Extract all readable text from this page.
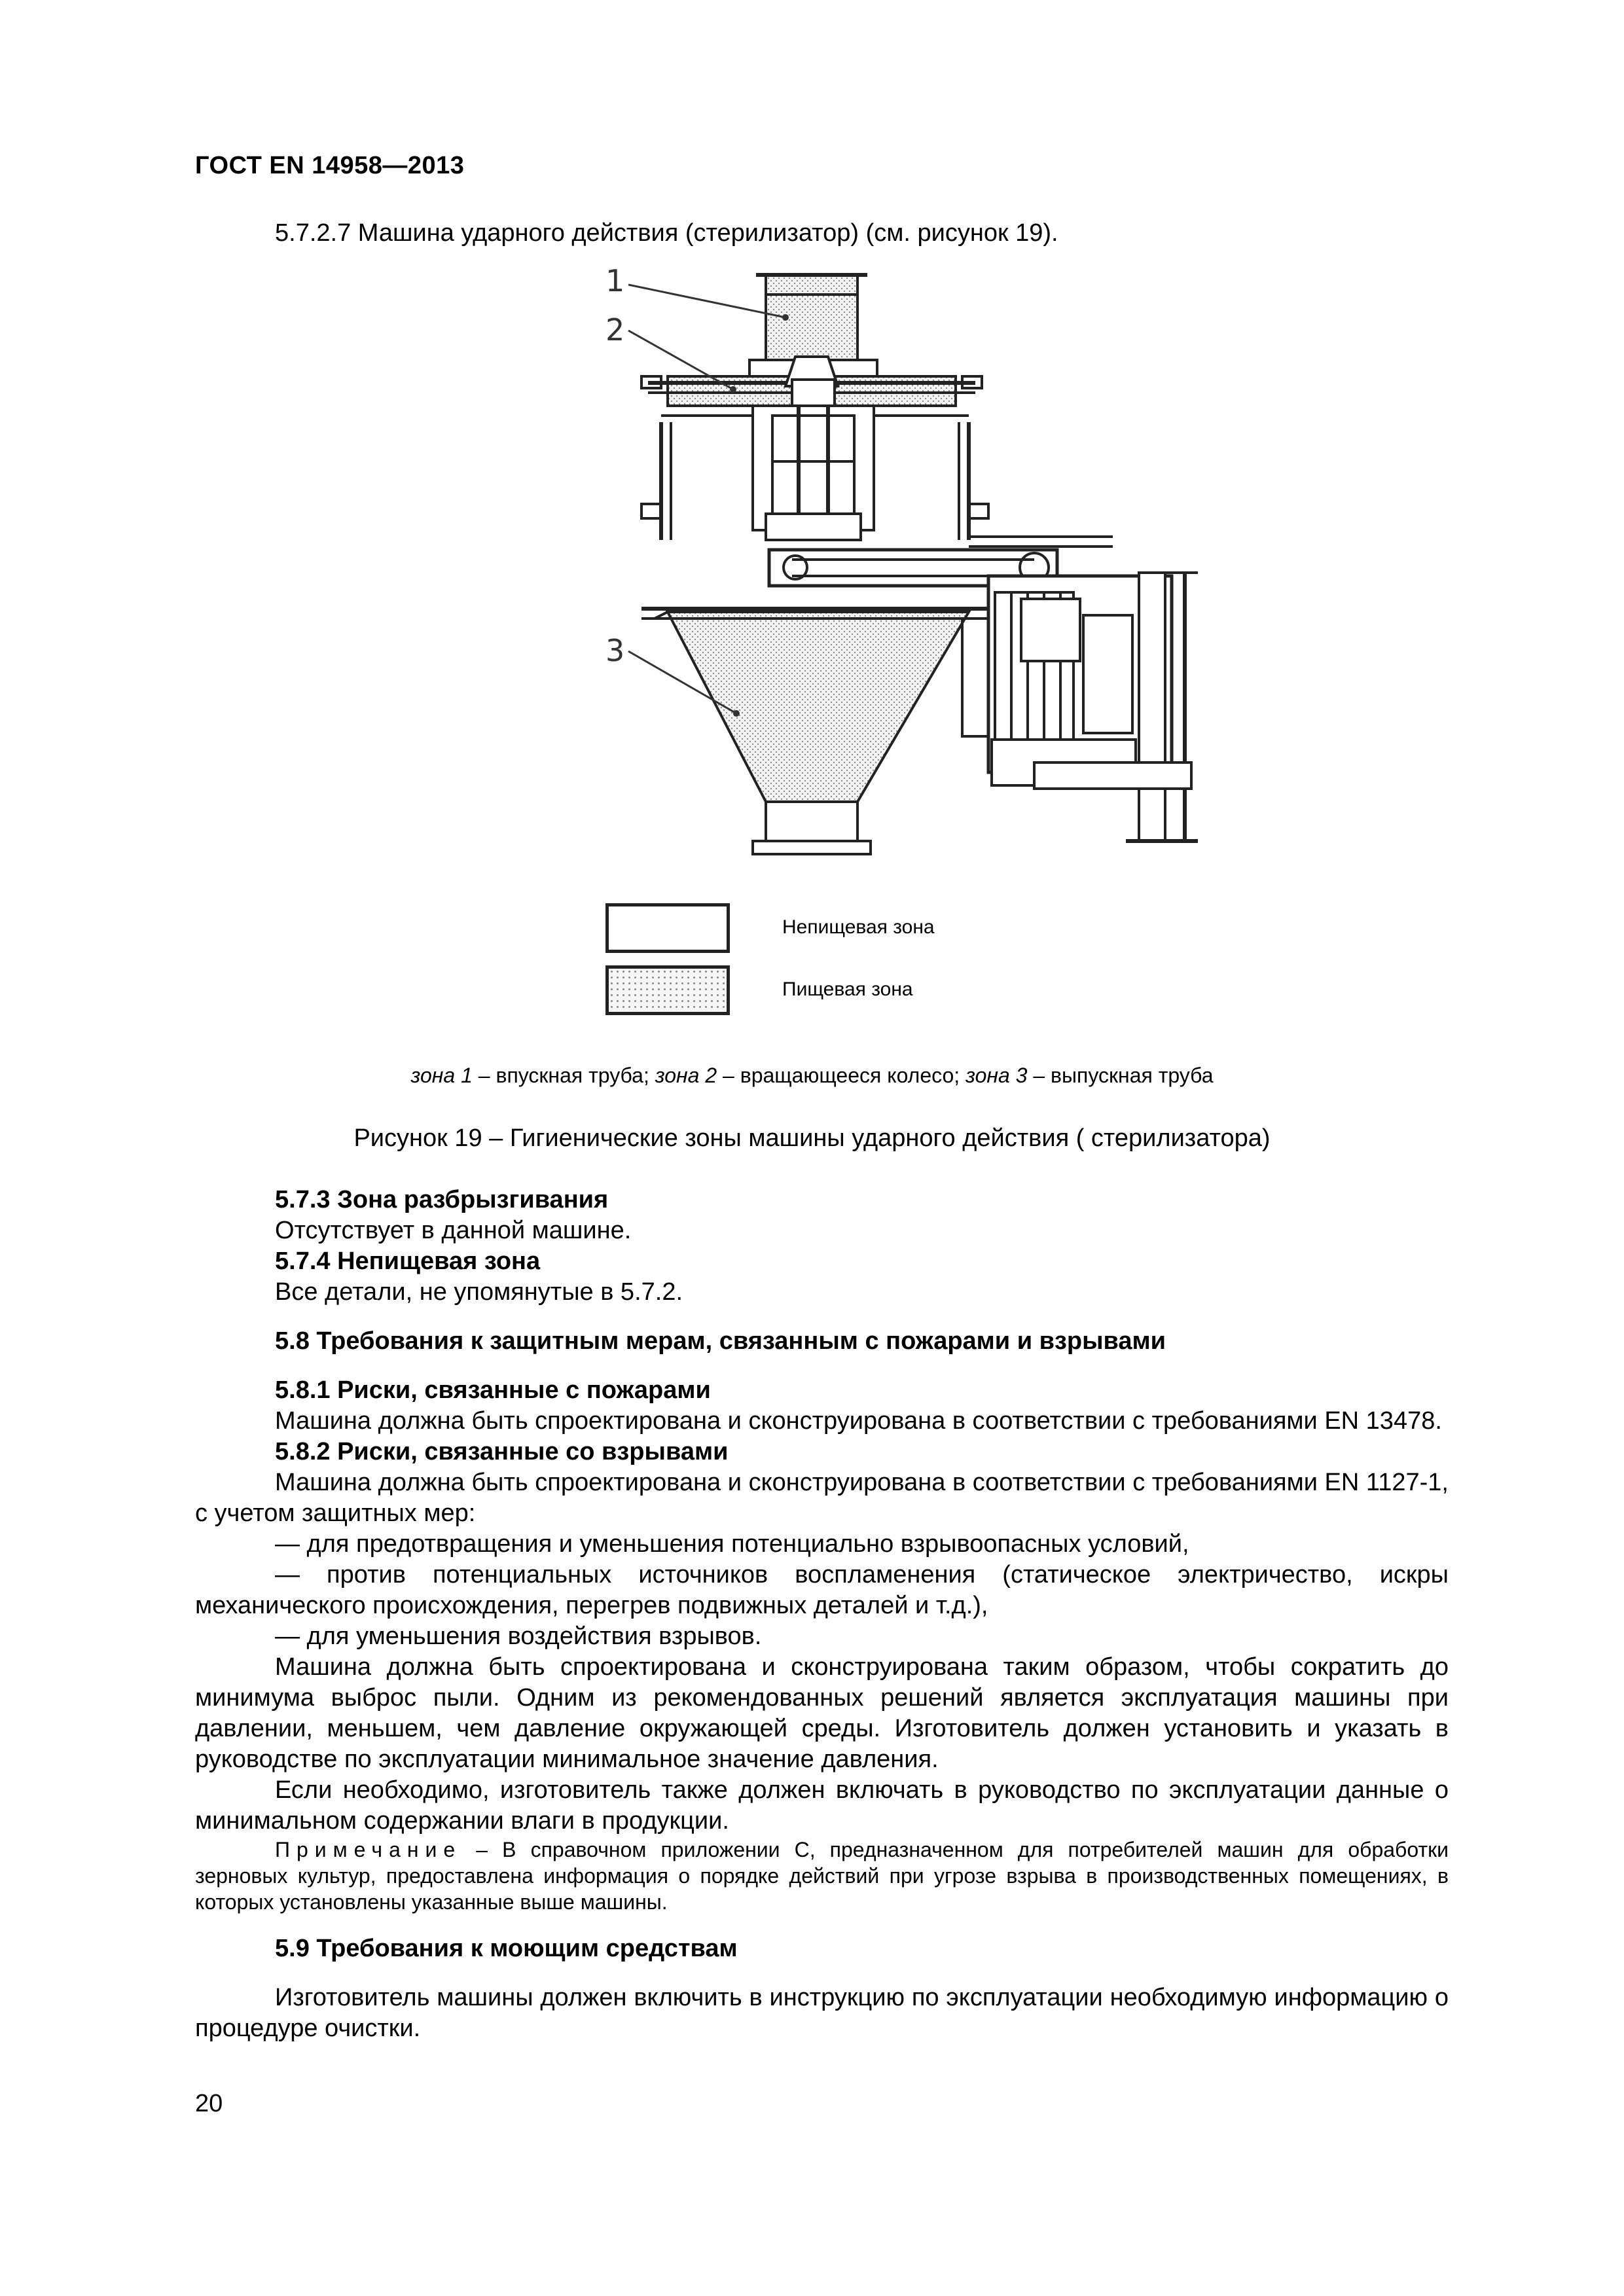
ГОСТ EN 14958—2013
5.7.2.7 Машина ударного действия (стерилизатор) (см. рисунок 19).
1
2
3
Непищевая зона
Пищевая зона
зона 1 – впускная труба; зона 2 – вращающееся колесо; зона 3 – выпускная труба
Рисунок 19 – Гигиенические зоны машины ударного действия ( стерилизатора)

5.7.3 Зона разбрызгивания

Отсутствует в данной машине.

5.7.4 Непищевая зона

Все детали, не упомянутые в 5.7.2.

5.8 Требования к защитным мерам, связанным с пожарами и взрывами

5.8.1 Риски, связанные с пожарами

Машина должна быть спроектирована и сконструирована в соответствии с требованиями EN 13478.

5.8.2 Риски, связанные со взрывами

Машина должна быть спроектирована и сконструирована в соответствии с требованиями EN 1127-1, с учетом защитных мер:

— для предотвращения и уменьшения потенциально взрывоопасных условий,

— против потенциальных источников воспламенения (статическое электричество, искры механического происхождения, перегрев подвижных деталей и т.д.),

— для уменьшения воздействия взрывов.

Машина должна быть спроектирована и сконструирована таким образом, чтобы сократить до минимума выброс пыли. Одним из рекомендованных решений является эксплуатация машины при давлении, меньшем, чем давление окружающей среды. Изготовитель должен установить и указать в руководстве по эксплуатации минимальное значение давления.

Если необходимо, изготовитель также должен включать в руководство по эксплуатации данные о минимальном содержании влаги в продукции.

Примечание – В справочном приложении С, предназначенном для потребителей машин для обработки зерновых культур, предоставлена информация о порядке действий при угрозе взрыва в производственных помещениях, в которых установлены указанные выше машины.

5.9 Требования к моющим средствам

Изготовитель машины должен включить в инструкцию по эксплуатации необходимую информацию о процедуре очистки.

20
